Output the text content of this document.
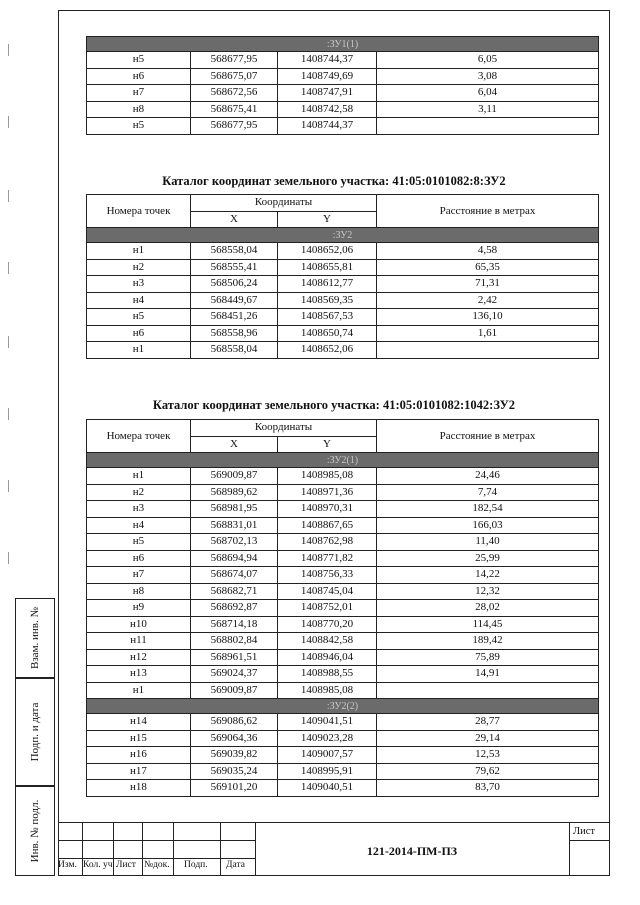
:ЗУ1(1)			
н5	568677,95	1408744,37	6,05
н6	568675,07	1408749,69	3,08
н7	568672,56	1408747,91	6,04
н8	568675,41	1408742,58	3,11
н5	568677,95	1408744,37	
Каталог координат земельного участка: 41:05:0101082:8:ЗУ2
Номера точек	Координаты		Расстояние в метрах
	X	Y	
:ЗУ2			
н1	568558,04	1408652,06	4,58
н2	568555,41	1408655,81	65,35
н3	568506,24	1408612,77	71,31
н4	568449,67	1408569,35	2,42
н5	568451,26	1408567,53	136,10
н6	568558,96	1408650,74	1,61
н1	568558,04	1408652,06	
Каталог координат земельного участка: 41:05:0101082:1042:ЗУ2
Номера точек	Координаты		Расстояние в метрах
	X	Y	
:ЗУ2(1)			
н1	569009,87	1408985,08	24,46
н2	568989,62	1408971,36	7,74
н3	568981,95	1408970,31	182,54
н4	568831,01	1408867,65	166,03
н5	568702,13	1408762,98	11,40
н6	568694,94	1408771,82	25,99
н7	568674,07	1408756,33	14,22
н8	568682,71	1408745,04	12,32
н9	568692,87	1408752,01	28,02
н10	568714,18	1408770,20	114,45
н11	568802,84	1408842,58	189,42
н12	568961,51	1408946,04	75,89
н13	569024,37	1408988,55	14,91
н1	569009,87	1408985,08	
:ЗУ2(2)			
н14	569086,62	1409041,51	28,77
н15	569064,36	1409023,28	29,14
н16	569039,82	1409007,57	12,53
н17	569035,24	1408995,91	79,62
н18	569101,20	1409040,51	83,70
Взам. инв. №
Подп. и дата
Инв. № подл.
Изм. Кол. уч Лист №док. Подп. Дата
121-2014-ПМ-ПЗ
Лист
